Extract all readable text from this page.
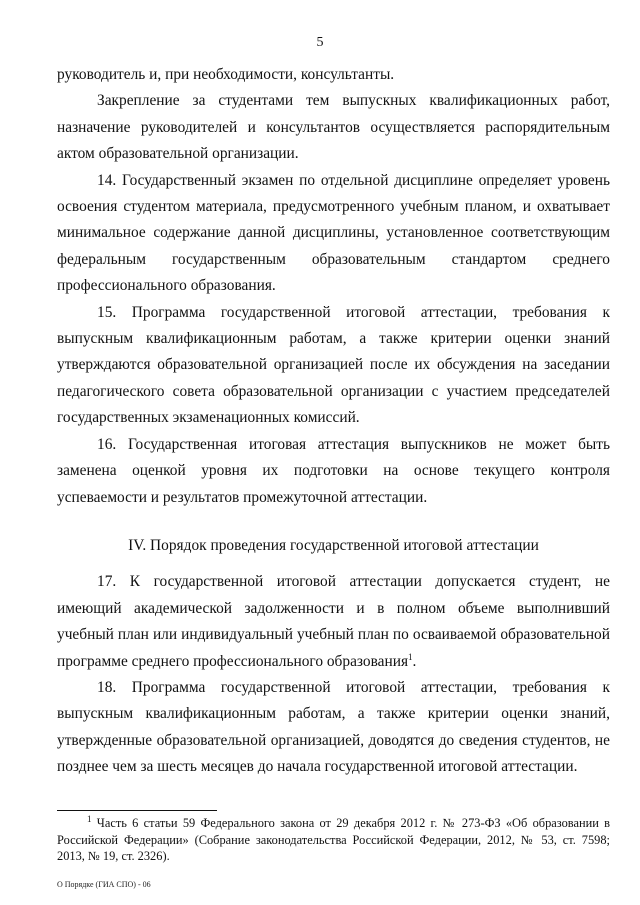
5

руководитель и, при необходимости, консультанты.

Закрепление за студентами тем выпускных квалификационных работ, назначение руководителей и консультантов осуществляется распорядительным актом образовательной организации.

14. Государственный экзамен по отдельной дисциплине определяет уровень освоения студентом материала, предусмотренного учебным планом, и охватывает минимальное содержание данной дисциплины, установленное соответствующим федеральным государственным образовательным стандартом среднего профессионального образования.

15. Программа государственной итоговой аттестации, требования к выпускным квалификационным работам, а также критерии оценки знаний утверждаются образовательной организацией после их обсуждения на заседании педагогического совета образовательной организации с участием председателей государственных экзаменационных комиссий.

16. Государственная итоговая аттестация выпускников не может быть заменена оценкой уровня их подготовки на основе текущего контроля успеваемости и результатов промежуточной аттестации.

IV. Порядок проведения государственной итоговой аттестации

17. К государственной итоговой аттестации допускается студент, не имеющий академической задолженности и в полном объеме выполнивший учебный план или индивидуальный учебный план по осваиваемой образовательной программе среднего профессионального образования$^1$.

18. Программа государственной итоговой аттестации, требования к выпускным квалификационным работам, а также критерии оценки знаний, утвержденные образовательной организацией, доводятся до сведения студентов, не позднее чем за шесть месяцев до начала государственной итоговой аттестации.

$^1$ Часть 6 статьи 59 Федерального закона от 29 декабря 2012 г. № 273-ФЗ «Об образовании в Российской Федерации» (Собрание законодательства Российской Федерации, 2012, № 53, ст. 7598; 2013, № 19, ст. 2326).
О Порядке (ГИА СПО) - 06
